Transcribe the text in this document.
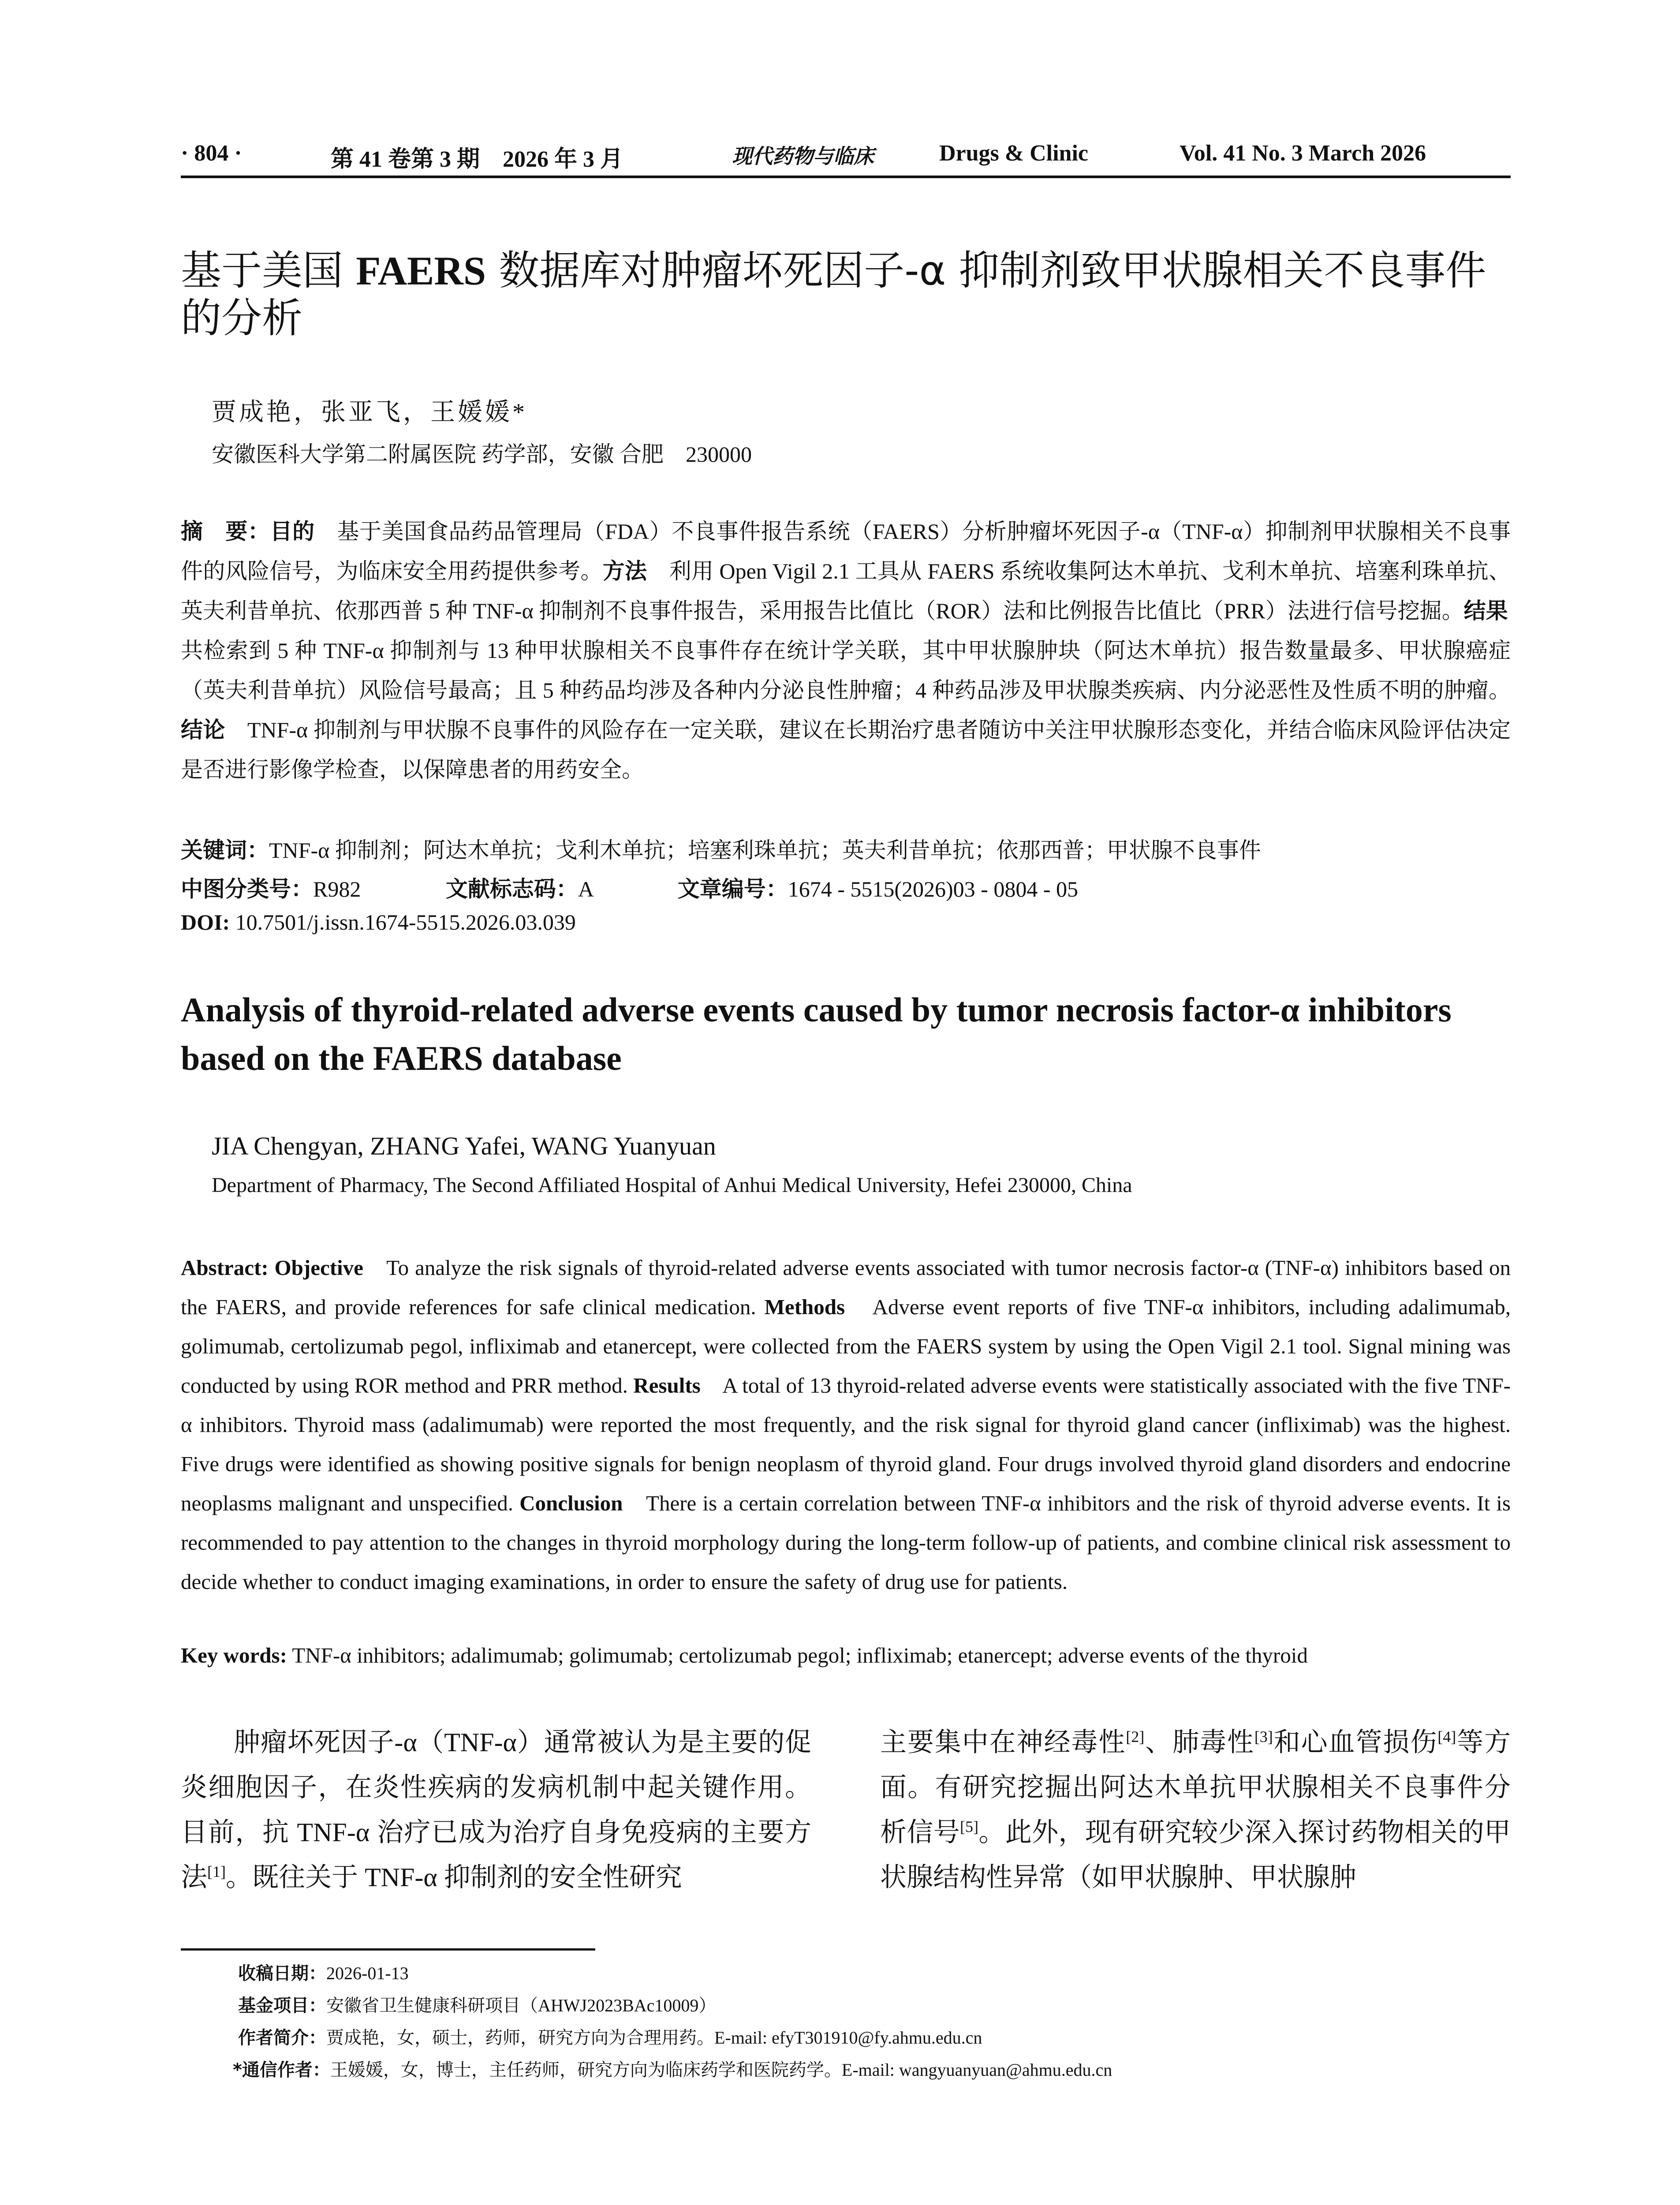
· 804 ·	第 41 卷第 3 期　2026 年 3 月	现代药物与临床	Drugs & Clinic	Vol. 41 No. 3 March 2026
基于美国 FAERS 数据库对肿瘤坏死因子-α 抑制剂致甲状腺相关不良事件的分析
贾成艳，张亚飞，王媛媛*
安徽医科大学第二附属医院 药学部，安徽 合肥　230000
摘　要：目的　基于美国食品药品管理局（FDA）不良事件报告系统（FAERS）分析肿瘤坏死因子-α（TNF-α）抑制剂甲状腺相关不良事件的风险信号，为临床安全用药提供参考。方法　利用 Open Vigil 2.1 工具从 FAERS 系统收集阿达木单抗、戈利木单抗、培塞利珠单抗、英夫利昔单抗、依那西普 5 种 TNF-α 抑制剂不良事件报告，采用报告比值比（ROR）法和比例报告比值比（PRR）法进行信号挖掘。结果　共检索到 5 种 TNF-α 抑制剂与 13 种甲状腺相关不良事件存在统计学关联，其中甲状腺肿块（阿达木单抗）报告数量最多、甲状腺癌症（英夫利昔单抗）风险信号最高；且 5 种药品均涉及各种内分泌良性肿瘤；4 种药品涉及甲状腺类疾病、内分泌恶性及性质不明的肿瘤。结论　TNF-α 抑制剂与甲状腺不良事件的风险存在一定关联，建议在长期治疗患者随访中关注甲状腺形态变化，并结合临床风险评估决定是否进行影像学检查，以保障患者的用药安全。
关键词：TNF-α 抑制剂；阿达木单抗；戈利木单抗；培塞利珠单抗；英夫利昔单抗；依那西普；甲状腺不良事件
中图分类号：R982	文献标志码：A	文章编号：1674 - 5515(2026)03 - 0804 - 05
DOI: 10.7501/j.issn.1674-5515.2026.03.039
Analysis of thyroid-related adverse events caused by tumor necrosis factor-α inhibitors based on the FAERS database
JIA Chengyan, ZHANG Yafei, WANG Yuanyuan
Department of Pharmacy, The Second Affiliated Hospital of Anhui Medical University, Hefei 230000, China
Abstract: Objective　To analyze the risk signals of thyroid-related adverse events associated with tumor necrosis factor-α (TNF-α) inhibitors based on the FAERS, and provide references for safe clinical medication. Methods　Adverse event reports of five TNF-α inhibitors, including adalimumab, golimumab, certolizumab pegol, infliximab and etanercept, were collected from the FAERS system by using the Open Vigil 2.1 tool. Signal mining was conducted by using ROR method and PRR method. Results　A total of 13 thyroid-related adverse events were statistically associated with the five TNF-α inhibitors. Thyroid mass (adalimumab) were reported the most frequently, and the risk signal for thyroid gland cancer (infliximab) was the highest. Five drugs were identified as showing positive signals for benign neoplasm of thyroid gland. Four drugs involved thyroid gland disorders and endocrine neoplasms malignant and unspecified. Conclusion　There is a certain correlation between TNF-α inhibitors and the risk of thyroid adverse events. It is recommended to pay attention to the changes in thyroid morphology during the long-term follow-up of patients, and combine clinical risk assessment to decide whether to conduct imaging examinations, in order to ensure the safety of drug use for patients.
Key words: TNF-α inhibitors; adalimumab; golimumab; certolizumab pegol; infliximab; etanercept; adverse events of the thyroid
肿瘤坏死因子-α（TNF-α）通常被认为是主要的促炎细胞因子，在炎性疾病的发病机制中起关键作用。目前，抗 TNF-α 治疗已成为治疗自身免疫病的主要方法[1]。既往关于 TNF-α 抑制剂的安全性研究
主要集中在神经毒性[2]、肺毒性[3]和心血管损伤[4]等方面。有研究挖掘出阿达木单抗甲状腺相关不良事件分析信号[5]。此外，现有研究较少深入探讨药物相关的甲状腺结构性异常（如甲状腺肿、甲状腺肿
收稿日期：2026-01-13
基金项目：安徽省卫生健康科研项目（AHWJ2023BAc10009）
作者简介：贾成艳，女，硕士，药师，研究方向为合理用药。E-mail: efyT301910@fy.ahmu.edu.cn
*通信作者：王媛媛，女，博士，主任药师，研究方向为临床药学和医院药学。E-mail: wangyuanyuan@ahmu.edu.cn
